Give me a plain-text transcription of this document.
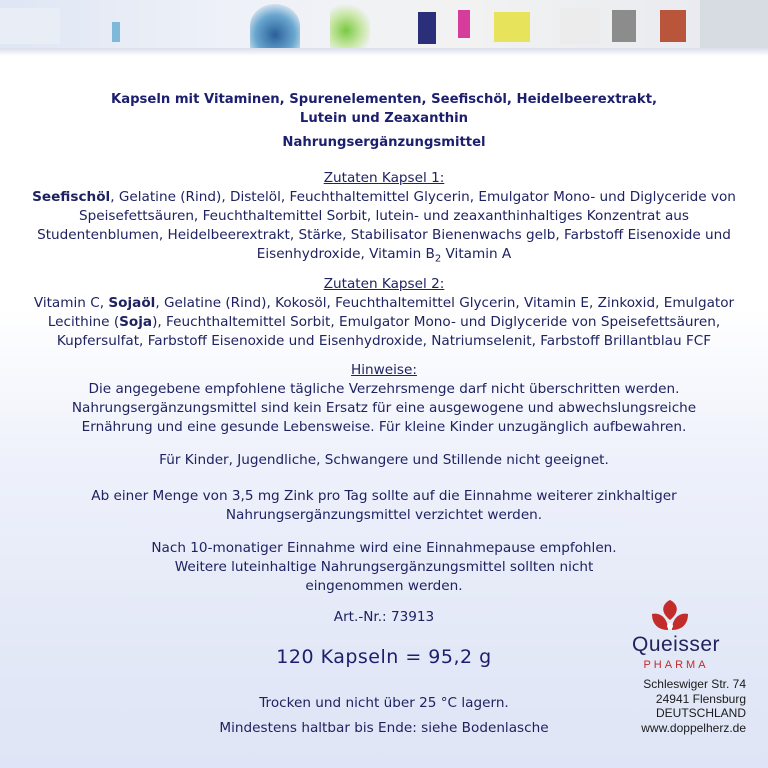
Kapseln mit Vitaminen, Spurenelementen, Seefischöl, Heidelbeerextrakt,
Lutein und Zeaxanthin
Nahrungsergänzungsmittel
Zutaten Kapsel 1:
Seefischöl, Gelatine (Rind), Distelöl, Feuchthaltemittel Glycerin, Emulgator Mono- und Diglyceride von
Speisefettsäuren, Feuchthaltemittel Sorbit, lutein- und zeaxanthinhaltiges Konzentrat aus
Studentenblumen, Heidelbeerextrakt, Stärke, Stabilisator Bienenwachs gelb, Farbstoff Eisenoxide und
Eisenhydroxide, Vitamin $B_2$ Vitamin A
Zutaten Kapsel 2:
Vitamin C, Sojaöl, Gelatine (Rind), Kokosöl, Feuchthaltemittel Glycerin, Vitamin E, Zinkoxid, Emulgator
Lecithine (Soja), Feuchthaltemittel Sorbit, Emulgator Mono- und Diglyceride von Speisefettsäuren,
Kupfersulfat, Farbstoff Eisenoxide und Eisenhydroxide, Natriumselenit, Farbstoff Brillantblau FCF
Hinweise:
Die angegebene empfohlene tägliche Verzehrsmenge darf nicht überschritten werden.
Nahrungsergänzungsmittel sind kein Ersatz für eine ausgewogene und abwechslungsreiche
Ernährung und eine gesunde Lebensweise. Für kleine Kinder unzugänglich aufbewahren.
Für Kinder, Jugendliche, Schwangere und Stillende nicht geeignet.
Ab einer Menge von 3,5 mg Zink pro Tag sollte auf die Einnahme weiterer zinkhaltiger
Nahrungsergänzungsmittel verzichtet werden.
Nach 10-monatiger Einnahme wird eine Einnahmepause empfohlen.
Weitere luteinhaltige Nahrungsergänzungsmittel sollten nicht
eingenommen werden.
Art.-Nr.: 73913
120 Kapseln = 95,2 g
Trocken und nicht über 25 °C lagern.
Mindestens haltbar bis Ende: siehe Bodenlasche
Queisser
PHARMA
Schleswiger Str. 74
24941 Flensburg
DEUTSCHLAND
www.doppelherz.de
